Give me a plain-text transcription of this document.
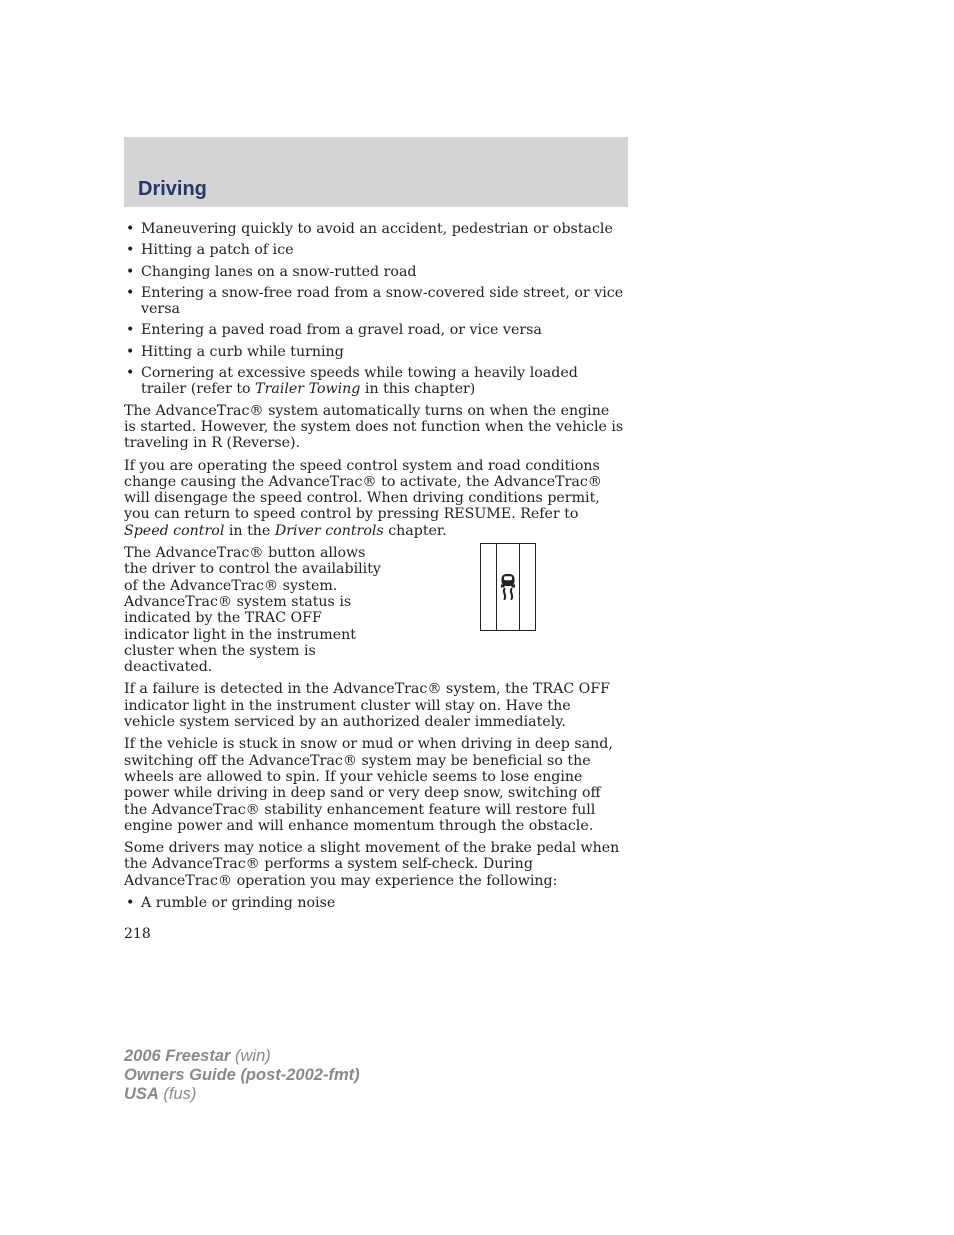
Driving
• Maneuvering quickly to avoid an accident, pedestrian or obstacle
• Hitting a patch of ice
• Changing lanes on a snow-rutted road
• Entering a snow-free road from a snow-covered side street, or vice versa
• Entering a paved road from a gravel road, or vice versa
• Hitting a curb while turning
• Cornering at excessive speeds while towing a heavily loaded trailer (refer to Trailer Towing in this chapter)

The AdvanceTrac® system automatically turns on when the engine is started. However, the system does not function when the vehicle is traveling in R (Reverse).

If you are operating the speed control system and road conditions change causing the AdvanceTrac® to activate, the AdvanceTrac® will disengage the speed control. When driving conditions permit, you can return to speed control by pressing RESUME. Refer to Speed control in the Driver controls chapter.

The AdvanceTrac® button allows the driver to control the availability of the AdvanceTrac® system. AdvanceTrac® system status is indicated by the TRAC OFF indicator light in the instrument cluster when the system is deactivated.

If a failure is detected in the AdvanceTrac® system, the TRAC OFF indicator light in the instrument cluster will stay on. Have the vehicle system serviced by an authorized dealer immediately.

If the vehicle is stuck in snow or mud or when driving in deep sand, switching off the AdvanceTrac® system may be beneficial so the wheels are allowed to spin. If your vehicle seems to lose engine power while driving in deep sand or very deep snow, switching off the AdvanceTrac® stability enhancement feature will restore full engine power and will enhance momentum through the obstacle.

Some drivers may notice a slight movement of the brake pedal when the AdvanceTrac® performs a system self-check. During AdvanceTrac® operation you may experience the following:

• A rumble or grinding noise
218
2006 Freestar (win)
Owners Guide (post-2002-fmt)
USA (fus)
